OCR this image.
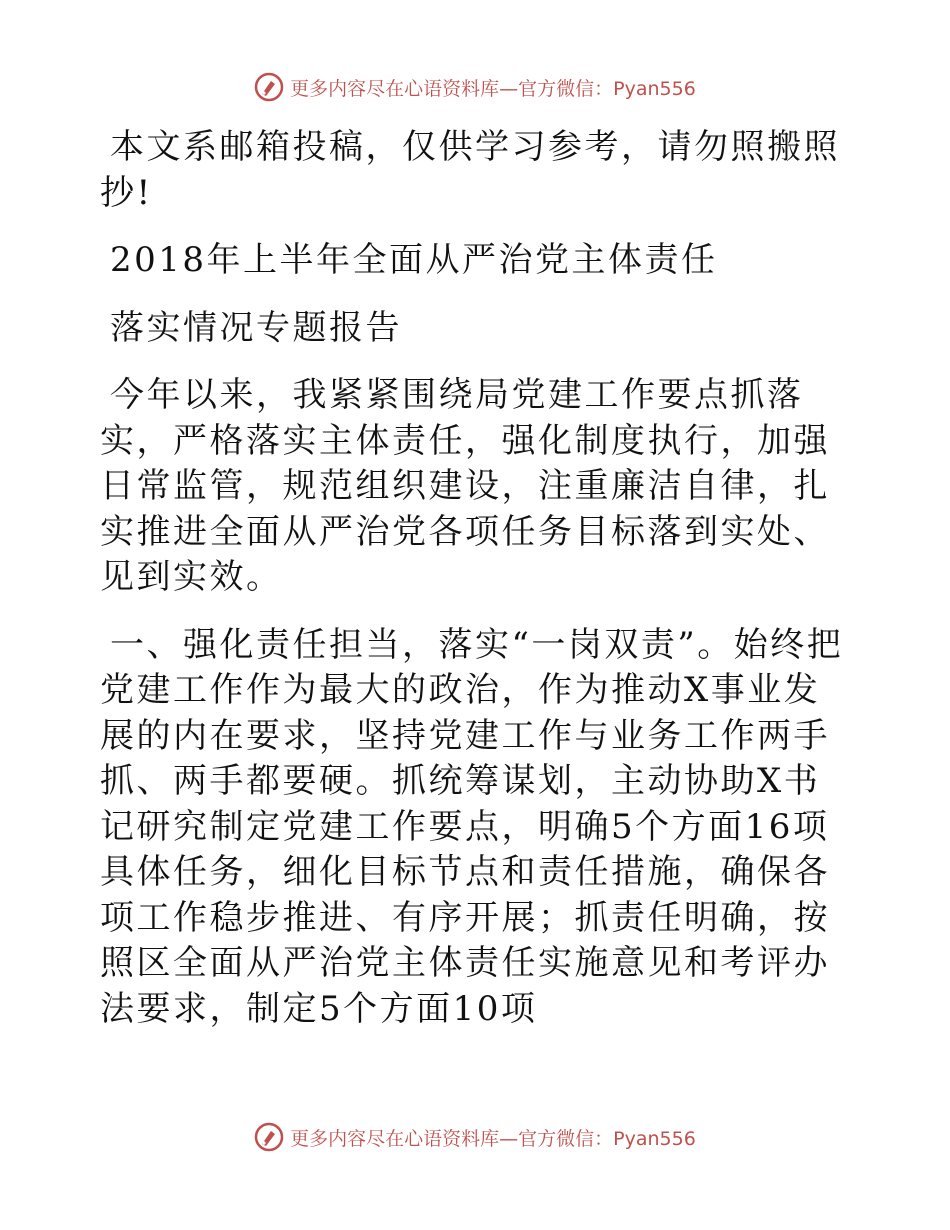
更多内容尽在心语资料库—官方微信：Pyan556

本文系邮箱投稿，仅供学习参考，请勿照搬照抄!

2018年上半年全面从严治党主体责任

落实情况专题报告

今年以来，我紧紧围绕局党建工作要点抓落实，严格落实主体责任，强化制度执行，加强日常监管，规范组织建设，注重廉洁自律，扎实推进全面从严治党各项任务目标落到实处、见到实效。

一、强化责任担当，落实“一岗双责”。始终把党建工作作为最大的政治，作为推动X事业发展的内在要求，坚持党建工作与业务工作两手抓、两手都要硬。抓统筹谋划，主动协助X书记研究制定党建工作要点，明确5个方面16项具体任务，细化目标节点和责任措施，确保各项工作稳步推进、有序开展；抓责任明确，按照区全面从严治党主体责任实施意见和考评办法要求，制定5个方面10项

更多内容尽在心语资料库—官方微信：Pyan556
